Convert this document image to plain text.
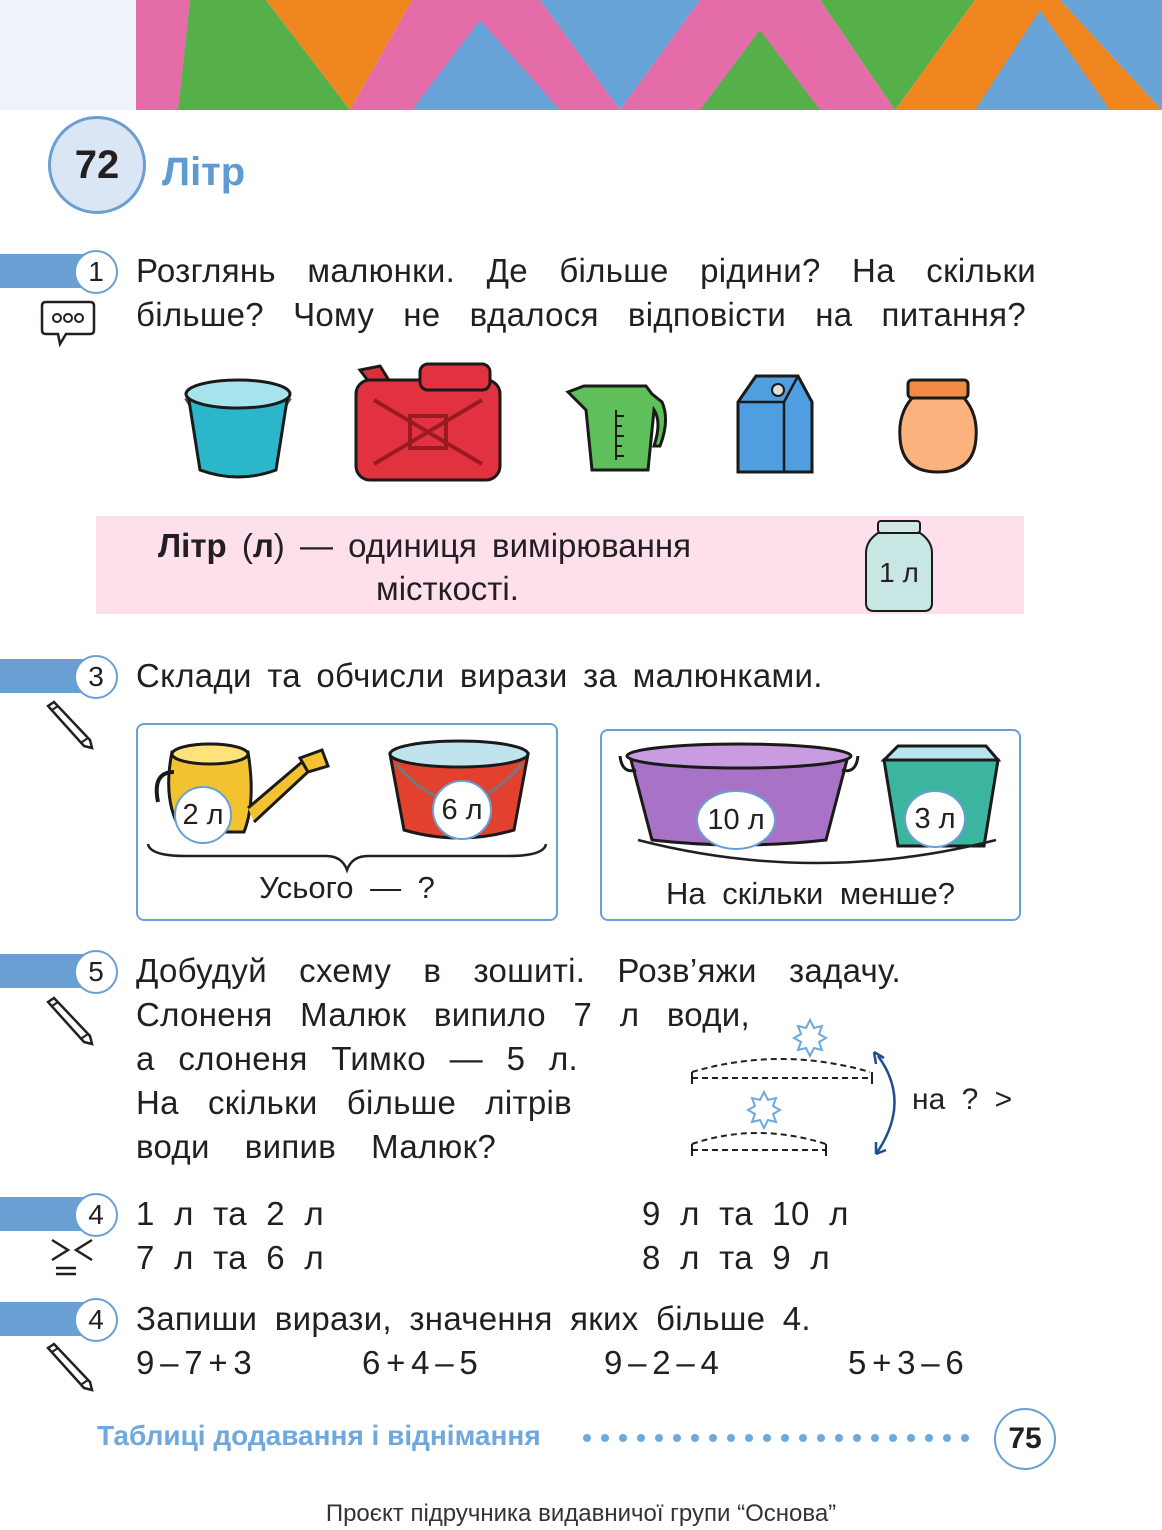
72	Літр
1 Розглянь малюнки. Де більше рідини? На скільки
більше? Чому не вдалося відповісти на питання?
Літр (л) — одиниця вимірювання
місткості.	1 л
3 Склади та обчисли вирази за малюнками.
2 л	6 л
Усього — ?
10 л	3 л
На скільки менше?
5 Добудуй схему в зошиті. Розв’яжи задачу.
Слоненя Малюк випило 7 л води,
а слоненя Тимко — 5 л.
На скільки більше літрів
води випив Малюк?
на ? >
4 1 л та 2 л	9 л та 10 л
7 л та 6 л	8 л та 9 л
4 Запиши вирази, значення яких більше 4.
9 – 7 + 3	6 + 4 – 5	9 – 2 – 4	5 + 3 – 6
Таблиці додавання і віднімання	75
Проєкт підручника видавничої групи “Основа”
